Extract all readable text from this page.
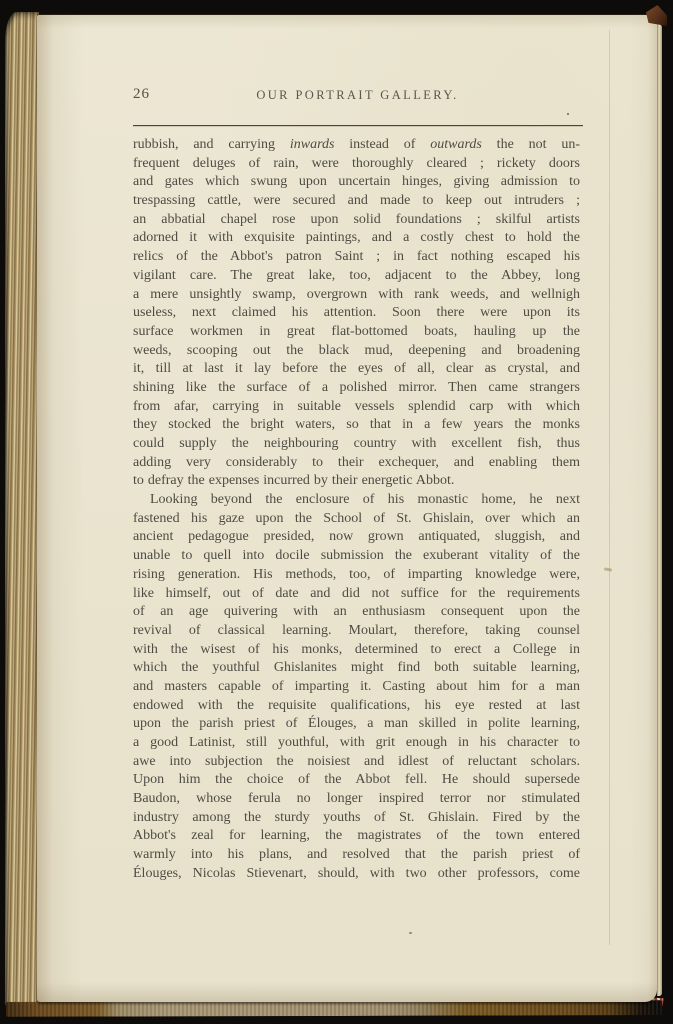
26	OUR PORTRAIT GALLERY.
rubbish, and carrying inwards instead of outwards the not un-
frequent deluges of rain, were thoroughly cleared ; rickety doors
and gates which swung upon uncertain hinges, giving admission to
trespassing cattle, were secured and made to keep out intruders ;
an abbatial chapel rose upon solid foundations ; skilful artists
adorned it with exquisite paintings, and a costly chest to hold the
relics of the Abbot's patron Saint ; in fact nothing escaped his
vigilant care. The great lake, too, adjacent to the Abbey, long
a mere unsightly swamp, overgrown with rank weeds, and wellnigh
useless, next claimed his attention. Soon there were upon its
surface workmen in great flat-bottomed boats, hauling up the
weeds, scooping out the black mud, deepening and broadening
it, till at last it lay before the eyes of all, clear as crystal, and
shining like the surface of a polished mirror. Then came strangers
from afar, carrying in suitable vessels splendid carp with which
they stocked the bright waters, so that in a few years the monks
could supply the neighbouring country with excellent fish, thus
adding very considerably to their exchequer, and enabling them
to defray the expenses incurred by their energetic Abbot.
Looking beyond the enclosure of his monastic home, he next
fastened his gaze upon the School of St. Ghislain, over which an
ancient pedagogue presided, now grown antiquated, sluggish, and
unable to quell into docile submission the exuberant vitality of the
rising generation. His methods, too, of imparting knowledge were,
like himself, out of date and did not suffice for the requirements
of an age quivering with an enthusiasm consequent upon the
revival of classical learning. Moulart, therefore, taking counsel
with the wisest of his monks, determined to erect a College in
which the youthful Ghislanites might find both suitable learning,
and masters capable of imparting it. Casting about him for a man
endowed with the requisite qualifications, his eye rested at last
upon the parish priest of Élouges, a man skilled in polite learning,
a good Latinist, still youthful, with grit enough in his character to
awe into subjection the noisiest and idlest of reluctant scholars.
Upon him the choice of the Abbot fell. He should supersede
Baudon, whose ferula no longer inspired terror nor stimulated
industry among the sturdy youths of St. Ghislain. Fired by the
Abbot's zeal for learning, the magistrates of the town entered
warmly into his plans, and resolved that the parish priest of
Élouges, Nicolas Stievenart, should, with two other professors, come
